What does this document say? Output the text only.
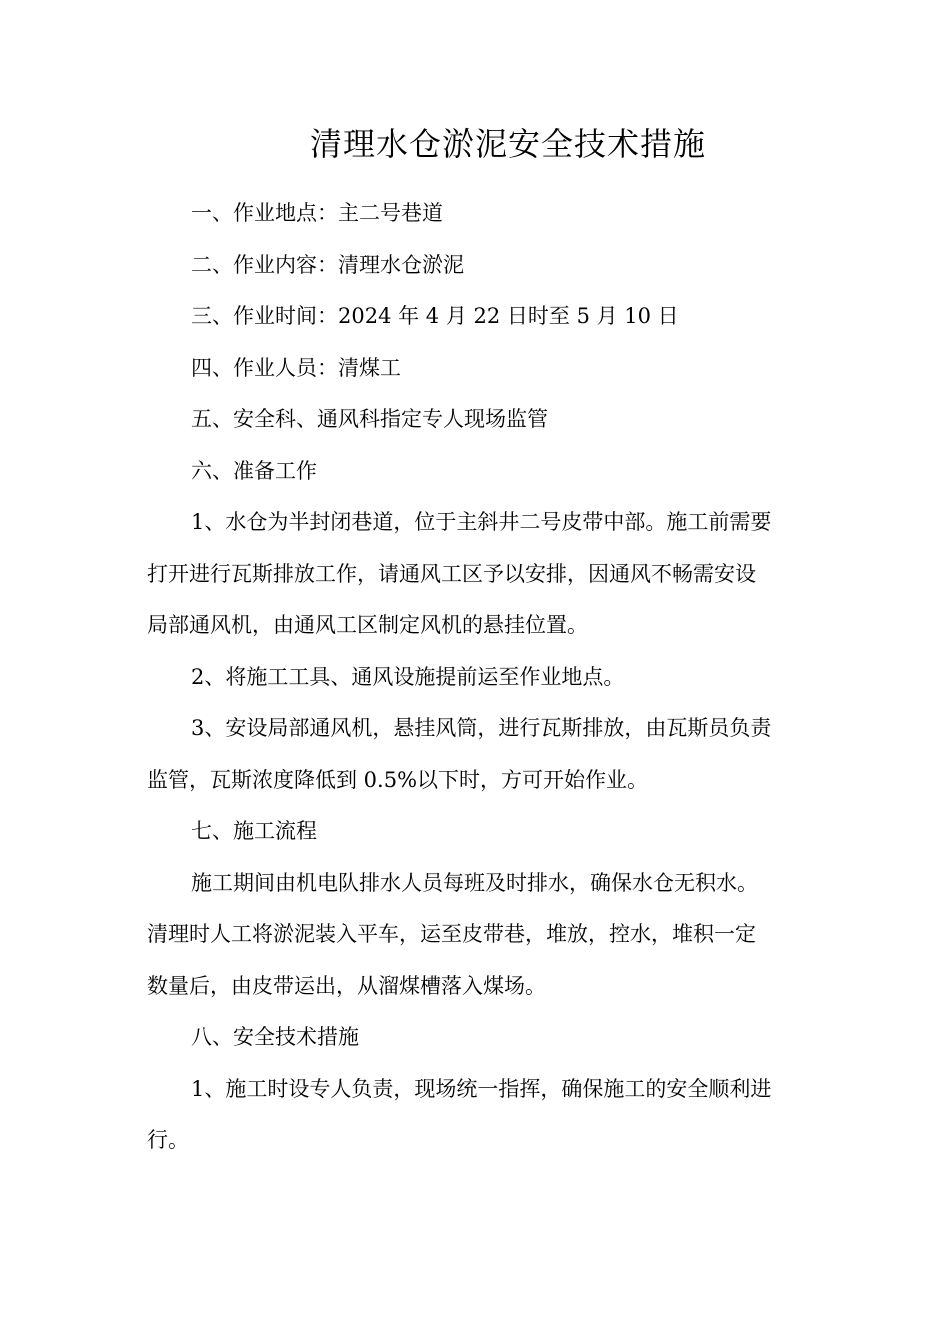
清理水仓淤泥安全技术措施
一、作业地点：主二号巷道
二、作业内容：清理水仓淤泥
三、作业时间：2024 年 4 月 22 日时至 5 月 10 日
四、作业人员：清煤工
五、安全科、通风科指定专人现场监管
六、准备工作
1、水仓为半封闭巷道，位于主斜井二号皮带中部。施工前需要
打开进行瓦斯排放工作，请通风工区予以安排，因通风不畅需安设
局部通风机，由通风工区制定风机的悬挂位置。
2、将施工工具、通风设施提前运至作业地点。
3、安设局部通风机，悬挂风筒，进行瓦斯排放，由瓦斯员负责
监管，瓦斯浓度降低到 0.5%以下时，方可开始作业。
七、施工流程
施工期间由机电队排水人员每班及时排水，确保水仓无积水。
清理时人工将淤泥装入平车，运至皮带巷，堆放，控水，堆积一定
数量后，由皮带运出，从溜煤槽落入煤场。
八、安全技术措施
1、施工时设专人负责，现场统一指挥，确保施工的安全顺利进
行。
